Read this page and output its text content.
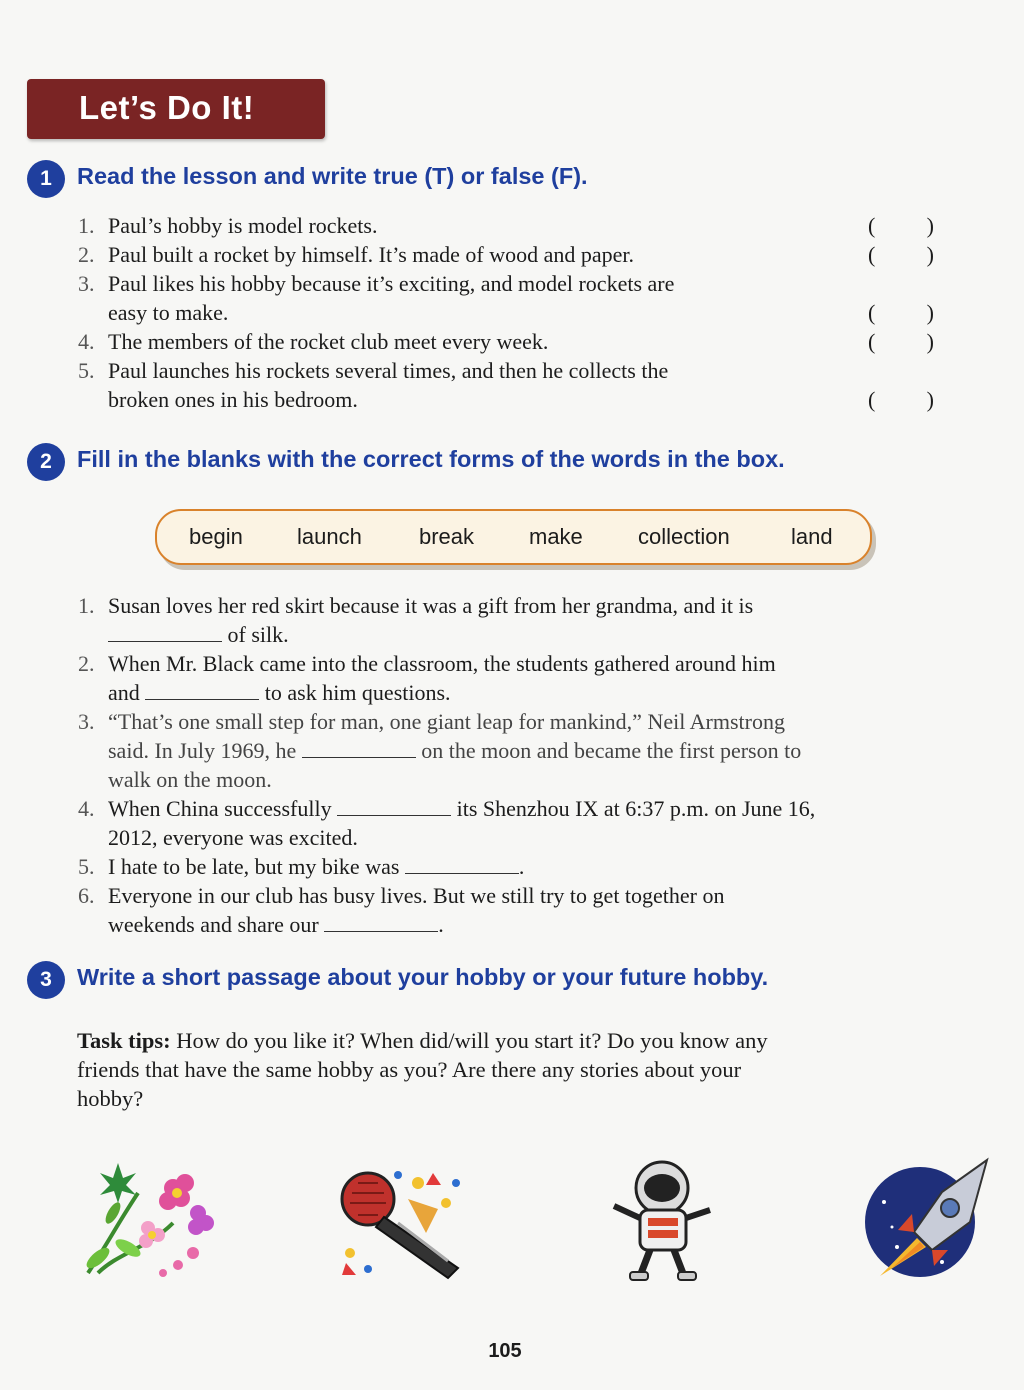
Let’s Do It!
1	Read the lesson and write true (T) or false (F).
1. Paul’s hobby is model rockets.	( )
2. Paul built a rocket by himself. It’s made of wood and paper.	( )
3. Paul likes his hobby because it’s exciting, and model rockets are
easy to make.	( )
4. The members of the rocket club meet every week.	( )
5. Paul launches his rockets several times, and then he collects the
broken ones in his bedroom.	( )
2	Fill in the blanks with the correct forms of the words in the box.
begin launch	break make	collection	land
1. Susan loves her red skirt because it was a gift from her grandma, and it is
of silk.
2. When Mr. Black came into the classroom, the students gathered around him
and	to ask him questions.
3. “That’s one small step for man, one giant leap for mankind,” Neil Armstrong
said. In July 1969, he	on the moon and became the first person to
walk on the moon.
4. When China successfully	its Shenzhou IX at 6:37 p.m. on June 16,
2012, everyone was excited.
5. I hate to be late, but my bike was	.
6. Everyone in our club has busy lives. But we still try to get together on
weekends and share our	.
3	Write a short passage about your hobby or your future hobby.
Task tips: How do you like it? When did/will you start it? Do you know any
friends that have the same hobby as you? Are there any stories about your
hobby?
105
